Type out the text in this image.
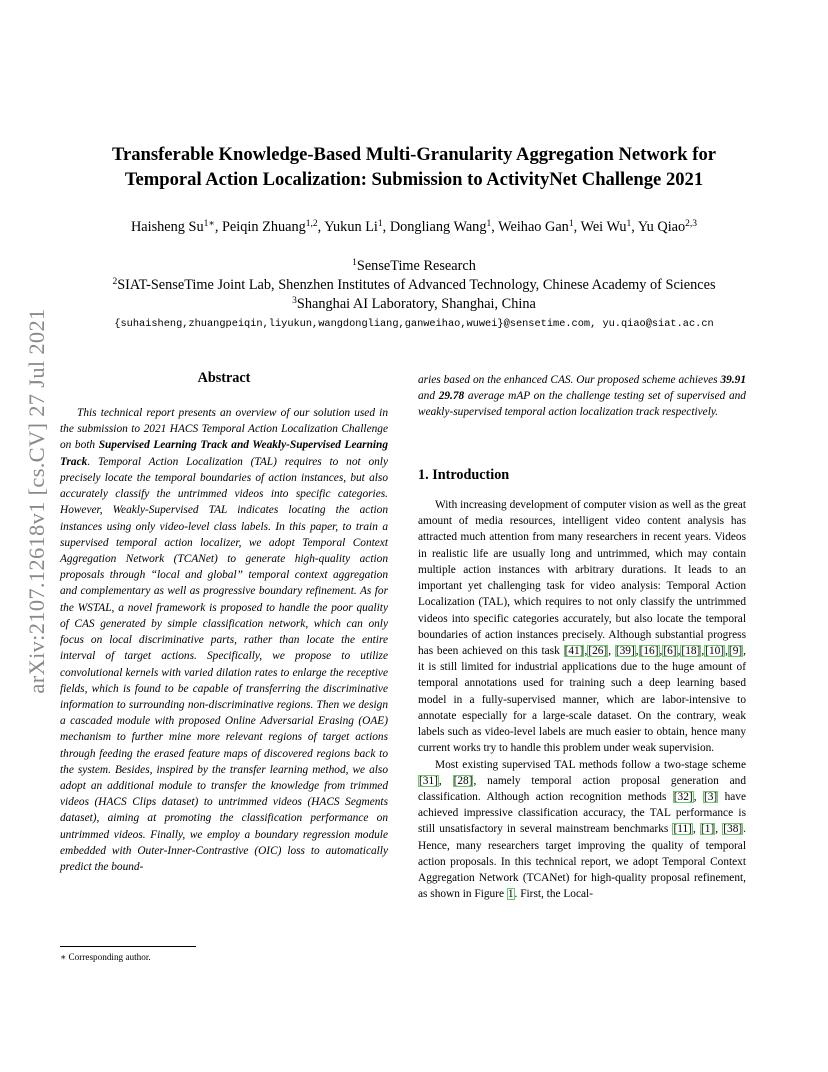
arXiv:2107.12618v1 [cs.CV] 27 Jul 2021
Transferable Knowledge-Based Multi-Granularity Aggregation Network for
Temporal Action Localization: Submission to ActivityNet Challenge 2021
Haisheng $Su^{1∗}$, Peiqin Zhuang$^{1,2}$, Yukun Li$^1$, Dongliang Wang$^1$, Weihao Gan$^1$, Wei Wu$^1$, Yu Qiao$^{2,3}$
$^1$SenseTime Research
$^2$SIAT-SenseTime Joint Lab, Shenzhen Institutes of Advanced Technology, Chinese Academy of Sciences
$^3$Shanghai AI Laboratory, Shanghai, China
{suhaisheng,zhuangpeiqin,liyukun,wangdongliang,ganweihao,wuwei}@sensetime.com, yu.qiao@siat.ac.cn
Abstract
This technical report presents an overview of our solution used in the submission to 2021 HACS Temporal Action Localization Challenge on both Supervised Learning Track and Weakly-Supervised Learning Track. Temporal Action Localization (TAL) requires to not only precisely locate the temporal boundaries of action instances, but also accurately classify the untrimmed videos into specific categories. However, Weakly-Supervised TAL indicates locating the action instances using only video-level class labels. In this paper, to train a supervised temporal action localizer, we adopt Temporal Context Aggregation Network (TCANet) to generate high-quality action proposals through “local and global” temporal context aggregation and complementary as well as progressive boundary refinement. As for the WSTAL, a novel framework is proposed to handle the poor quality of CAS generated by simple classification network, which can only focus on local discriminative parts, rather than locate the entire interval of target actions. Specifically, we propose to utilize convolutional kernels with varied dilation rates to enlarge the receptive fields, which is found to be capable of transferring the discriminative information to surrounding non-discriminative regions. Then we design a cascaded module with proposed Online Adversarial Erasing (OAE) mechanism to further mine more relevant regions of target actions through feeding the erased feature maps of discovered regions back to the system. Besides, inspired by the transfer learning method, we also adopt an additional module to transfer the knowledge from trimmed videos (HACS Clips dataset) to untrimmed videos (HACS Segments dataset), aiming at promoting the classification performance on untrimmed videos. Finally, we employ a boundary regression module embedded with Outer-Inner-Contrastive (OIC) loss to automatically predict the bound-
∗ Corresponding author.
aries based on the enhanced CAS. Our proposed scheme achieves 39.91 and 29.78 average mAP on the challenge testing set of supervised and weakly-supervised temporal action localization track respectively.
1. Introduction

With increasing development of computer vision as well as the great amount of media resources, intelligent video content analysis has attracted much attention from many researchers in recent years. Videos in realistic life are usually long and untrimmed, which may contain multiple action instances with arbitrary durations. It leads to an important yet challenging task for video analysis: Temporal Action Localization (TAL), which requires to not only classify the untrimmed videos into specific categories accurately, but also locate the temporal boundaries of action instances precisely. Although substantial progress has been achieved on this task [41],[26], [39],[16],[6],[18],[10],[9], it is still limited for industrial applications due to the huge amount of temporal annotations used for training such a deep learning based model in a fully-supervised manner, which are labor-intensive to annotate especially for a large-scale dataset. On the contrary, weak labels such as video-level labels are much easier to obtain, hence many current works try to handle this problem under weak supervision.

Most existing supervised TAL methods follow a two-stage scheme [31], [28], namely temporal action proposal generation and classification. Although action recognition methods [32], [3] have achieved impressive classification accuracy, the TAL performance is still unsatisfactory in several mainstream benchmarks [11], [1], [38]. Hence, many researchers target improving the quality of temporal action proposals. In this technical report, we adopt Temporal Context Aggregation Network (TCANet) for high-quality proposal refinement, as shown in Figure 1. First, the Local-
